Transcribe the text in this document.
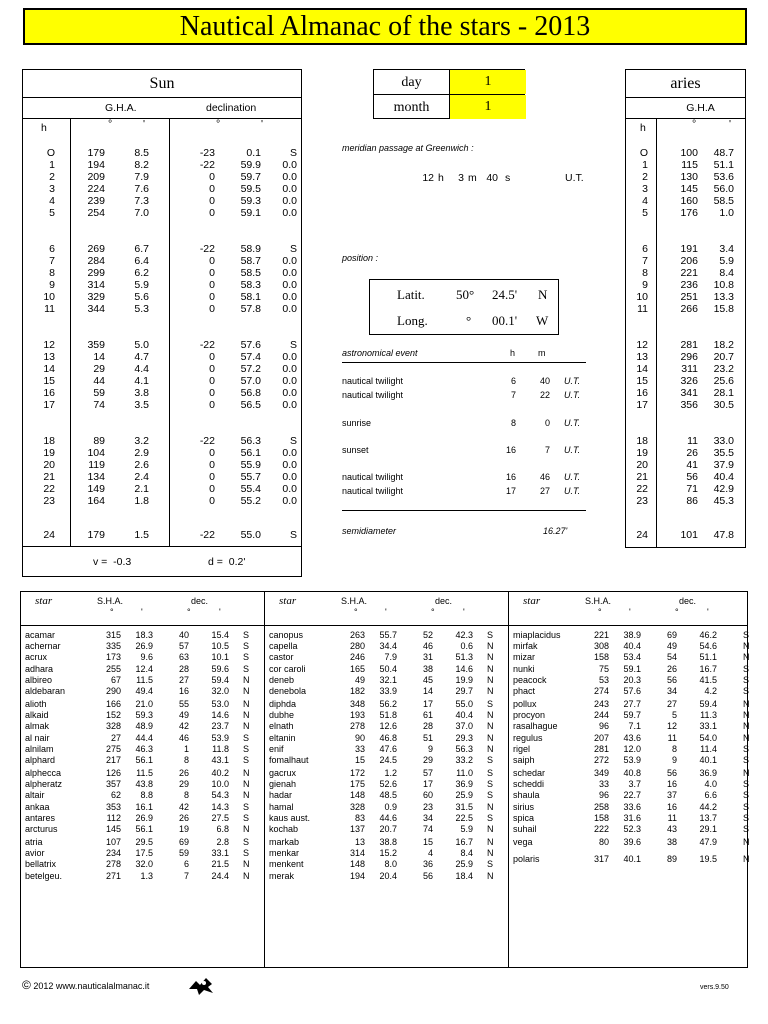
Nautical Almanac of the stars - 2013
Sun
G.H.A.	declination
h	°	'	°	'
O	179	8.5	-23	0.1	S
1	194	8.2	-22	59.9	0.0
2	209	7.9	0	59.7	0.0
3	224	7.6	0	59.5	0.0
4	239	7.3	0	59.3	0.0
5	254	7.0	0	59.1	0.0
6	269	6.7	-22	58.9	S
7	284	6.4	0	58.7	0.0
8	299	6.2	0	58.5	0.0
9	314	5.9	0	58.3	0.0
10	329	5.6	0	58.1	0.0
11	344	5.3	0	57.8	0.0
12	359	5.0	-22	57.6	S
13	14	4.7	0	57.4	0.0
14	29	4.4	0	57.2	0.0
15	44	4.1	0	57.0	0.0
16	59	3.8	0	56.8	0.0
17	74	3.5	0	56.5	0.0
18	89	3.2	-22	56.3	S
19	104	2.9	0	56.1	0.0
20	119	2.6	0	55.9	0.0
21	134	2.4	0	55.7	0.0
22	149	2.1	0	55.4	0.0
23	164	1.8	0	55.2	0.0
24	179	1.5	-22	55.0	S
v = -0.3	d = 0.2'
day	1
month	1
meridian passage at Greenwich :
12 h	3 m 40 s	U.T.
position :
Latit. 50° 24.5' N
Long.	° 00.1' W
astronomical event	h	m
nautical twilight	6	40 U.T.
nautical twilight	7	22 U.T.
sunrise	8	0 U.T.
sunset	16	7 U.T.
nautical twilight	16	46 U.T.
nautical twilight	17	27 U.T.
semidiameter	16.27'
aries
G.H.A
h	°	'
O	100	48.7
1	115	51.1
2	130	53.6
3	145	56.0
4	160	58.5
5	176	1.0
6	191	3.4
7	206	5.9
8	221	8.4
9	236	10.8
10	251	13.3
11	266	15.8
12	281	18.2
13	296	20.7
14	311	23.2
15	326	25.6
16	341	28.1
17	356	30.5
18	11	33.0
19	26	35.5
20	41	37.9
21	56	40.4
22	71	42.9
23	86	45.3
24	101	47.8
star	S.H.A.	dec.
°	'	°	'
acamar	315	18.3	40	15.4 S
achernar	335	26.9	57	10.5 S
acrux	173	9.6	63	10.1 S
adhara	255	12.4	28	59.6 S
albireo	67	11.5	27	59.4 N
aldebaran	290	49.4	16	32.0 N
alioth	166	21.0	55	53.0 N
alkaid	152	59.3	49	14.6 N
almak	328	48.9	42	23.7 N
al nair	27	44.4	46	53.9 S
alnilam	275	46.3	1	11.8 S
alphard	217	56.1	8	43.1 S
alphecca	126	11.5	26	40.2 N
alpheratz	357	43.8	29	10.0 N
altair	62	8.8	8	54.3 N
ankaa	353	16.1	42	14.3 S
antares	112	26.9	26	27.5 S
arcturus	145	56.1	19	6.8 N
atria	107	29.5	69	2.8 S
avior	234	17.5	59	33.1 S
bellatrix	278	32.0	6	21.5 N
betelgeu.	271	1.3	7	24.4 N
star	S.H.A.	dec.
°	'	°	'
canopus	263	55.7	52	42.3 S
capella	280	34.4	46	0.6 N
castor	246	7.9	31	51.3 N
cor caroli	165	50.4	38	14.6 N
deneb	49	32.1	45	19.9 N
denebola	182	33.9	14	29.7 N
diphda	348	56.2	17	55.0 S
dubhe	193	51.8	61	40.4 N
elnath	278	12.6	28	37.0 N
eltanin	90	46.8	51	29.3 N
enif	33	47.6	9	56.3 N
fomalhaut	15	24.5	29	33.2 S
gacrux	172	1.2	57	11.0 S
gienah	175	52.6	17	36.9 S
hadar	148	48.5	60	25.9 S
hamal	328	0.9	23	31.5 N
kaus aust.	83	44.6	34	22.5 S
kochab	137	20.7	74	5.9 N
markab	13	38.8	15	16.7 N
menkar	314	15.2	4	8.4 N
menkent	148	8.0	36	25.9 S
merak	194	20.4	56	18.4 N
star	S.H.A.	dec.
°	'	°	'
miaplacidus	221	38.9	69	46.2	S
mirfak	308	40.4	49	54.6	N
mizar	158	53.4	54	51.1	N
nunki	75	59.1	26	16.7	S
peacock	53	20.3	56	41.5	S
phact	274	57.6	34	4.2	S
pollux	243	27.7	27	59.4	N
procyon	244	59.7	5	11.3	N
rasalhague	96	7.1	12	33.1	N
regulus	207	43.6	11	54.0	N
rigel	281	12.0	8	11.4	S
saiph	272	53.9	9	40.1	S
schedar	349	40.8	56	36.9	N
scheddi	33	3.7	16	4.0	S
shaula	96	22.7	37	6.6	S
sirius	258	33.6	16	44.2	S
spica	158	31.6	11	13.7	S
suhail	222	52.3	43	29.1	S
vega	80	39.6	38	47.9	N
polaris	317	40.1	89	19.5	N
© 2012 www.nauticalalmanac.it	vers.9.50
